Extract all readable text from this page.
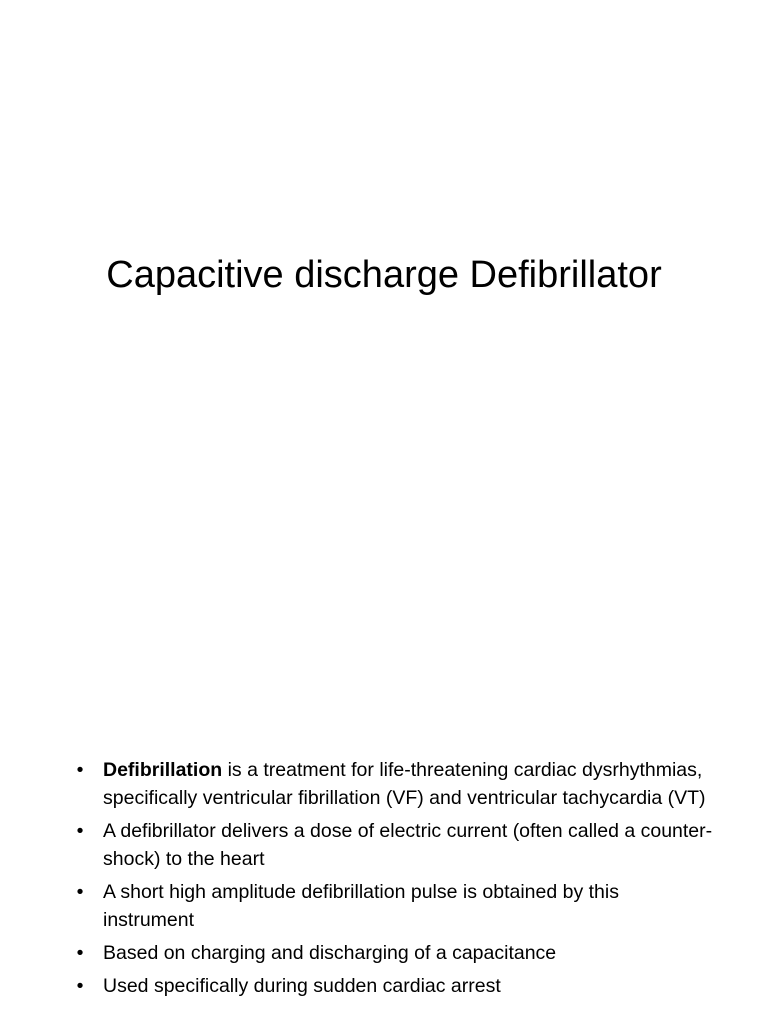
Capacitive discharge Defibrillator
• Defibrillation is a treatment for life-threatening cardiac dysrhythmias, specifically ventricular fibrillation (VF) and ventricular tachycardia (VT)
• A defibrillator delivers a dose of electric current (often called a counter-shock) to the heart
• A short high amplitude defibrillation pulse is obtained by this instrument
• Based on charging and discharging of a capacitance
• Used specifically during sudden cardiac arrest
